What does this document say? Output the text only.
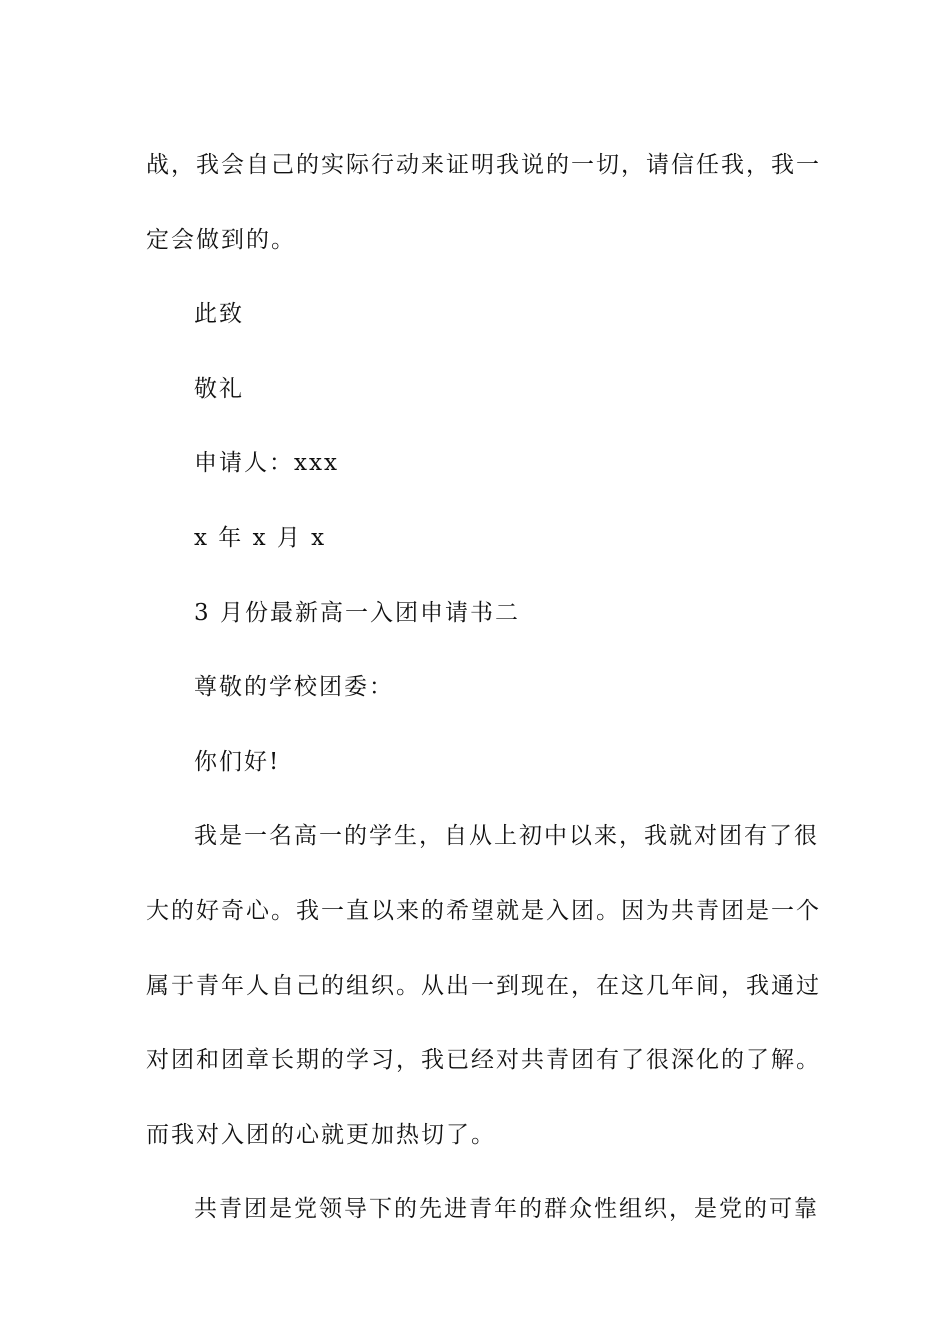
战，我会自己的实际行动来证明我说的一切，请信任我，我一
定会做到的。
此致
敬礼
申请人：xxx
x 年 x 月 x
3 月份最新高一入团申请书二
尊敬的学校团委：
你们好!
我是一名高一的学生，自从上初中以来，我就对团有了很
大的好奇心。我一直以来的希望就是入团。因为共青团是一个
属于青年人自己的组织。从出一到现在，在这几年间，我通过
对团和团章长期的学习，我已经对共青团有了很深化的了解。
而我对入团的心就更加热切了。
共青团是党领导下的先进青年的群众性组织，是党的可靠
